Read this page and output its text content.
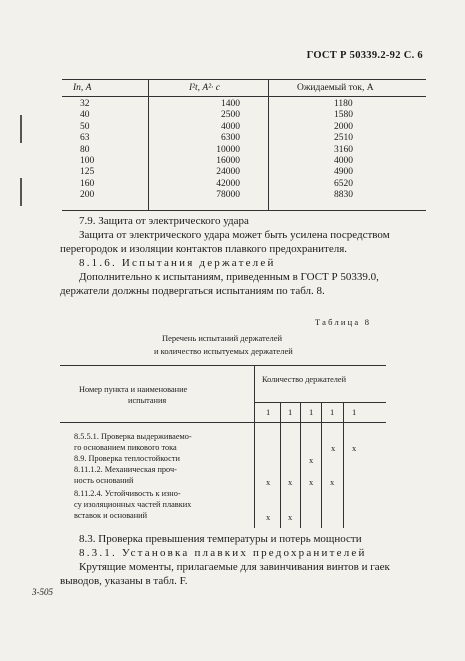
ГОСТ Р 50339.2-92 С. 6
Iп, А	I²t, А²· с	Ожидаемый ток, А
32
40
50
63
80
100
125
160
200
1400
2500
4000
6300
10000
16000
24000
42000
78000
1180
1580
2000
2510
3160
4000
4900
6520
8830
7.9. Защита от электрического удара
Защита от электрического удара может быть усилена посредством
перегородок и изоляции контактов плавкого предохранителя.
8.1.6. Испытания держателей
Дополнительно к испытаниям, приведенным в ГОСТ Р 50339.0,
держатели должны подвергаться испытаниям по табл. 8.
Таблица 8
Перечень испытаний держателей
и количество испытуемых держателей
Номер пункта и наименование
испытания
Количество держателей
1 1 1 1 1
8.5.5.1. Проверка выдерживаемо-
го основанием пикового тока
8.9. Проверка теплостойкости
8.11.1.2. Механическая проч-
ность оснований
8.11.2.4. Устойчивость к изно-
су изоляционных частей плавких
вставок и оснований
x x
x
x x x x
x x
8.3. Проверка превышения температуры и потерь мощности
8.3.1. Установка плавких предохранителей
Крутящие моменты, прилагаемые для завинчивания винтов и гаек
выводов, указаны в табл. F.
3-505
